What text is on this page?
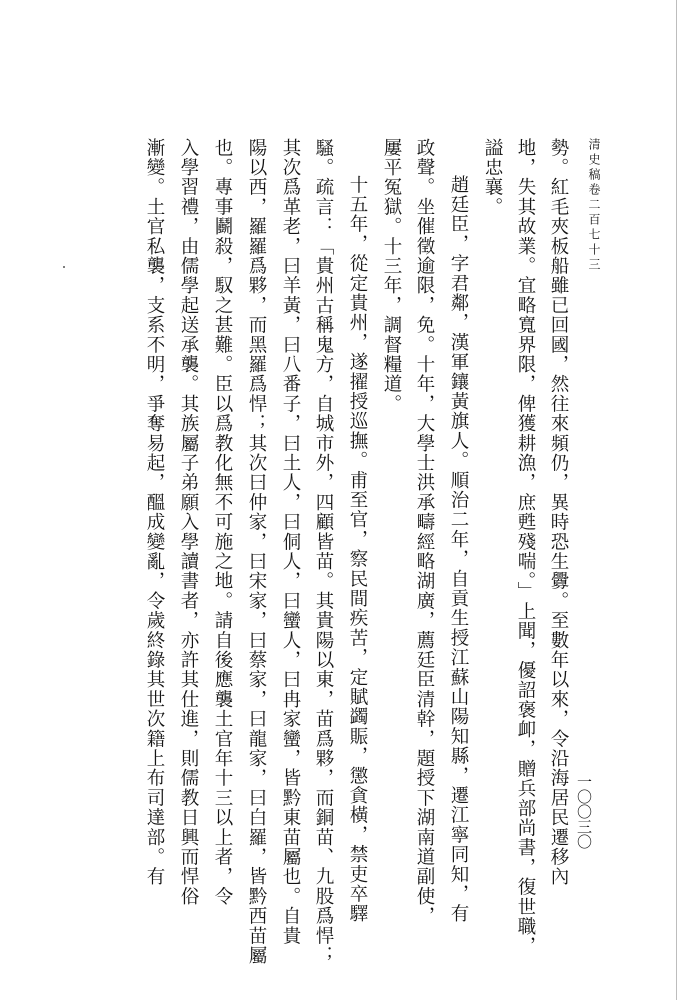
清史稿卷二百七十三
一〇〇三〇
勢。紅毛夾板船雖已回國，然往來頻仍，異時恐生釁。至數年以來，令沿海居民遷移內
地，失其故業。宜略寬界限，俾獲耕漁，庶甦殘喘。」上聞，優詔褒卹，贈兵部尚書，復世職，
謚忠襄。
趙廷臣，字君鄰，漢軍鑲黃旗人。順治二年，自貢生授江蘇山陽知縣，遷江寧同知，有
政聲。坐催徵逾限，免。十年，大學士洪承疇經略湖廣，薦廷臣清幹，題授下湖南道副使，
屢平冤獄。十三年，調督糧道。
十五年，從定貴州，遂擢授巡撫。甫至官，察民間疾苦，定賦蠲賑，懲貪橫，禁吏卒驛
騷。疏言：「貴州古稱鬼方，自城市外，四顧皆苗。其貴陽以東，苗爲夥，而銅苗、九股爲悍；
其次爲革老，曰羊黃，曰八番子，曰土人，曰侗人，曰蠻人，曰冉家蠻，皆黔東苗屬也。自貴
陽以西，羅羅爲夥，而黑羅爲悍；其次曰仲家，曰宋家，曰蔡家，曰龍家，曰白羅，皆黔西苗屬
也。專事鬬殺，馭之甚難。臣以爲教化無不可施之地。請自後應襲土官年十三以上者，令
入學習禮，由儒學起送承襲。其族屬子弟願入學讀書者，亦許其仕進，則儒教日興而悍俗
漸變。土官私襲，支系不明，爭奪易起，醞成變亂，令歲終錄其世次籍上布司達部。有
